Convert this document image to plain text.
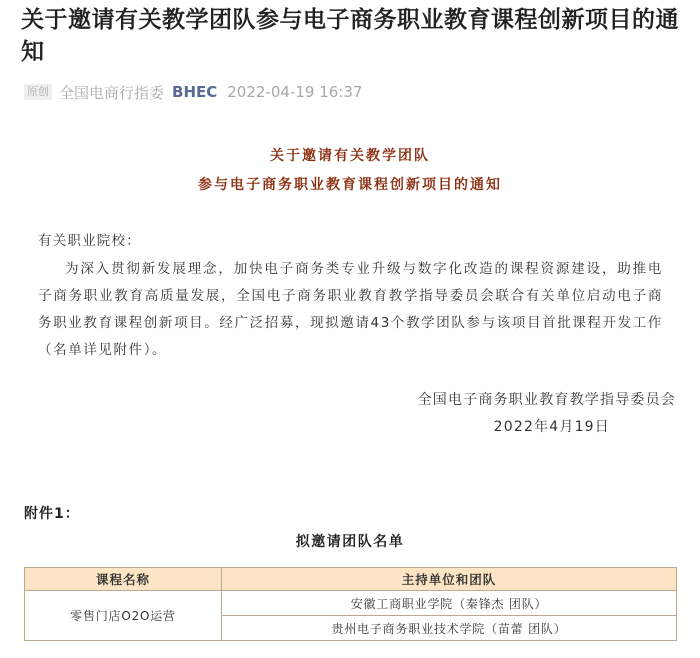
关于邀请有关教学团队参与电子商务职业教育课程创新项目的通知
原创 全国电商行指委 BHEC 2022-04-19 16:37
关于邀请有关教学团队
参与电子商务职业教育课程创新项目的通知
有关职业院校：
为深入贯彻新发展理念，加快电子商务类专业升级与数字化改造的课程资源建设，助推电子商务职业教育高质量发展，全国电子商务职业教育教学指导委员会联合有关单位启动电子商务职业教育课程创新项目。经广泛招募，现拟邀请43个教学团队参与该项目首批课程开发工作（名单详见附件）。
全国电子商务职业教育教学指导委员会
2022年4月19日
附件1：
拟邀请团队名单
课程名称	主持单位和团队
零售门店O2O运营	安徽工商职业学院（秦锋杰 团队）
	贵州电子商务职业技术学院（苗蕾 团队）
